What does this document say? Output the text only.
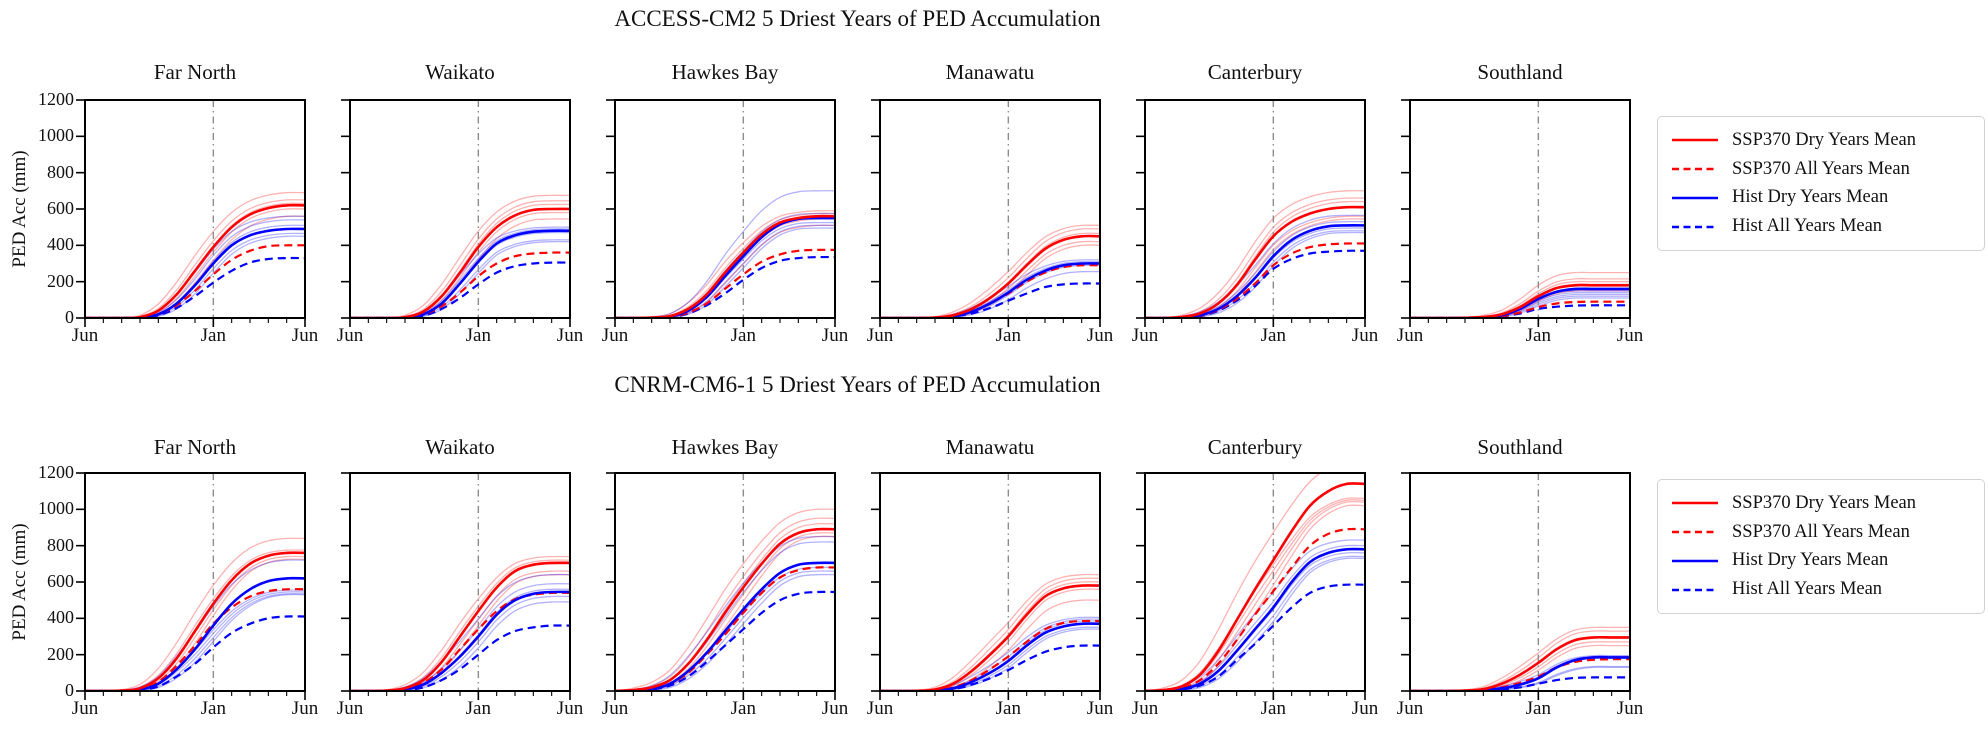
ACCESS-CM2 5 Driest Years of PED Accumulation
Far North
Jun	Jan	Jun
0
200
400
600
800
1000
1200
Waikato
Jun	Jan	Jun
Hawkes Bay
Jun	Jan	Jun
Manawatu
Jun	Jan	Jun
Canterbury
Jun	Jan	Jun
Southland
Jun	Jan	Jun
PED Acc (mm)
SSP370 Dry Years Mean
SSP370 All Years Mean
Hist Dry Years Mean
Hist All Years Mean
CNRM-CM6-1 5 Driest Years of PED Accumulation
Far North
Jun	Jan	Jun
0
200
400
600
800
1000
1200
Waikato
Jun	Jan	Jun
Hawkes Bay
Jun	Jan	Jun
Manawatu
Jun	Jan	Jun
Canterbury
Jun	Jan	Jun
Southland
Jun	Jan	Jun
PED Acc (mm)
SSP370 Dry Years Mean
SSP370 All Years Mean
Hist Dry Years Mean
Hist All Years Mean
